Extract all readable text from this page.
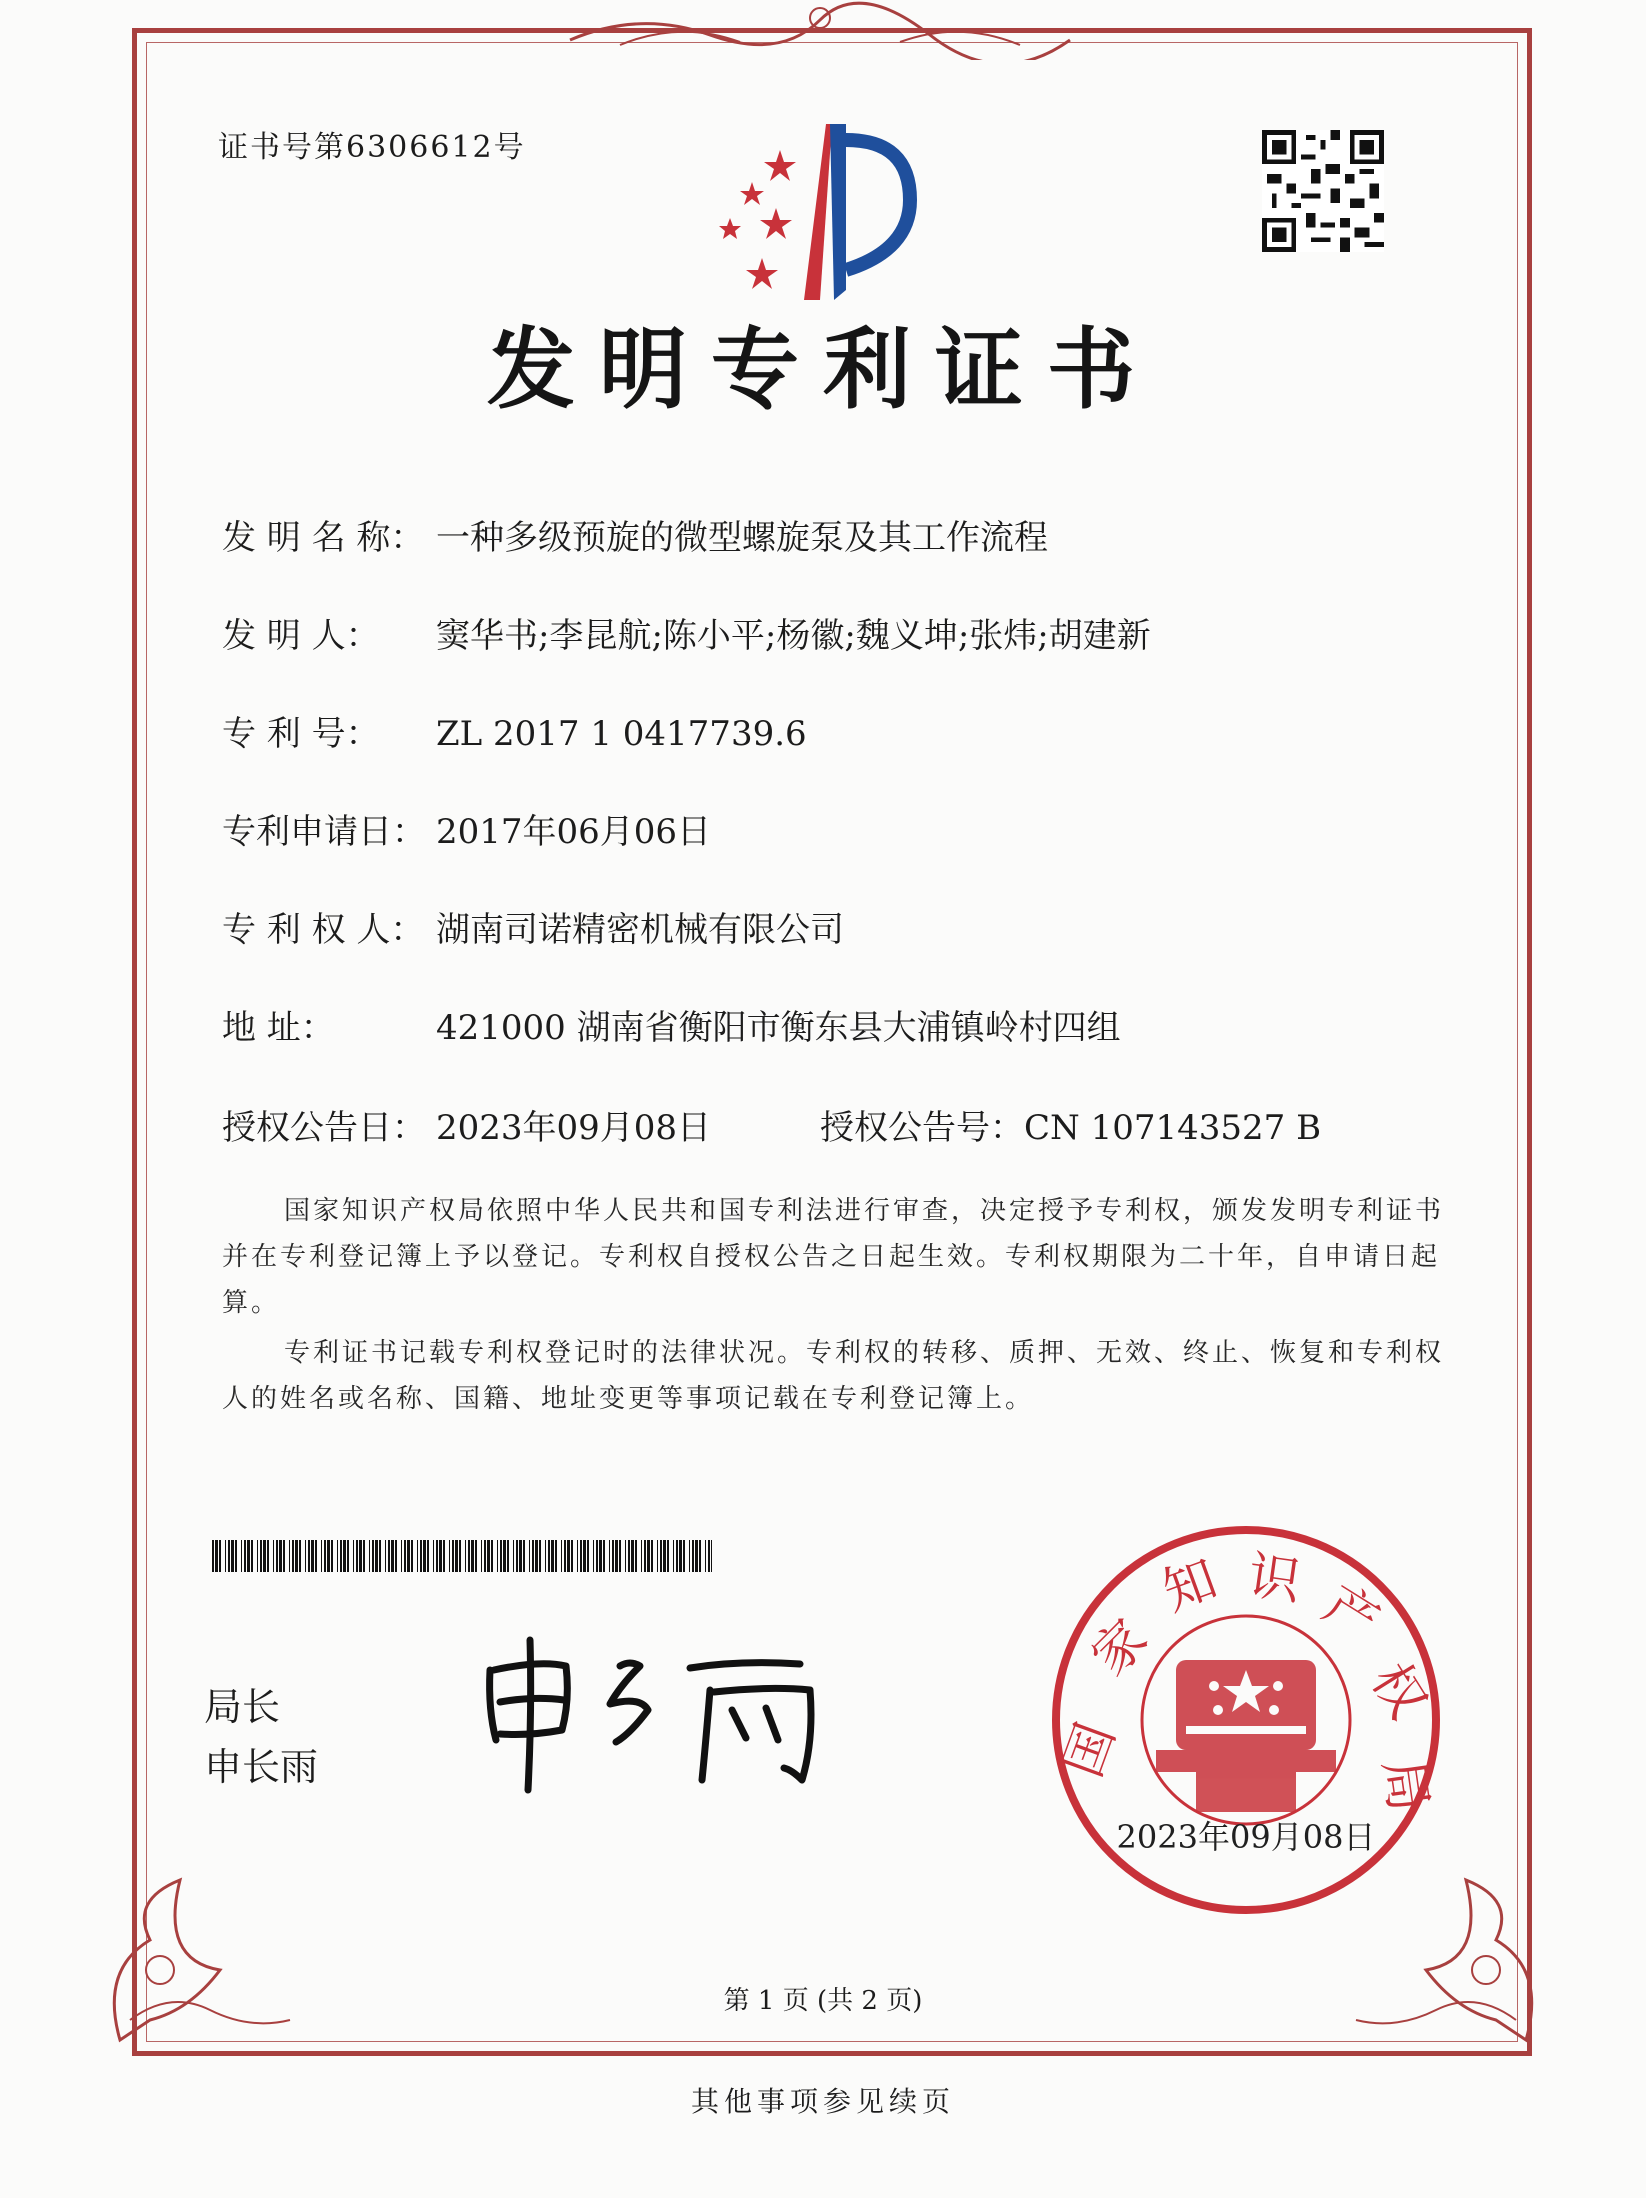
证书号第6306612号
发明专利证书
发 明 名 称： 一种多级预旋的微型螺旋泵及其工作流程
发 明 人： 窦华书;李昆航;陈小平;杨徽;魏义坤;张炜;胡建新
专 利 号： ZL 2017 1 0417739.6
专利申请日： 2017年06月06日
专 利 权 人： 湖南司诺精密机械有限公司
地 址：	421000 湖南省衡阳市衡东县大浦镇岭村四组
授权公告日： 2023年09月08日	授权公告号：CN 107143527 B
国家知识产权局依照中华人民共和国专利法进行审查，决定授予专利权，颁发发明专利证书并在专利登记簿上予以登记。专利权自授权公告之日起生效。专利权期限为二十年，自申请日起算。
专利证书记载专利权登记时的法律状况。专利权的转移、质押、无效、终止、恢复和专利权人的姓名或名称、国籍、地址变更等事项记载在专利登记簿上。
局长
申长雨	国
家
知 识 产
权
局
2023年09月08日
第 1 页 (共 2 页)
其他事项参见续页
